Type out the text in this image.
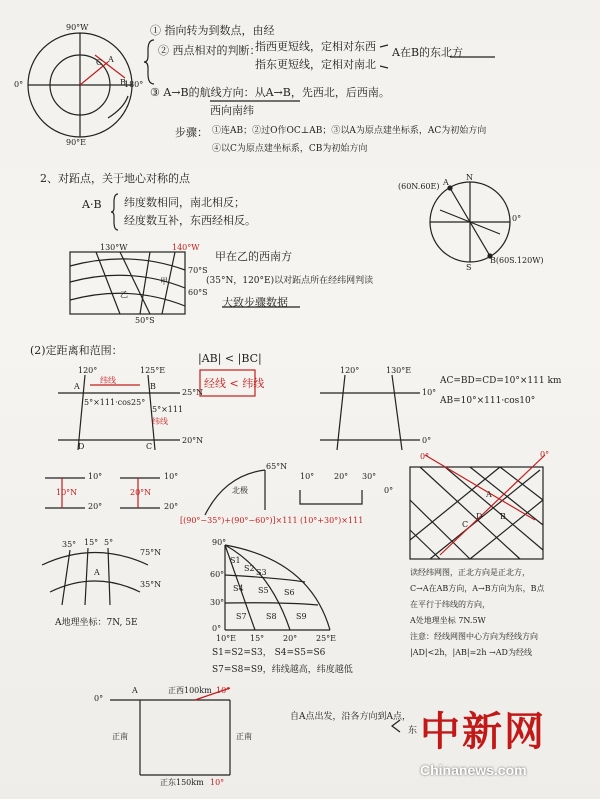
① 指向转为到数点，由经
② 西点相对的判断：
指西更短线，定相对东西
指东更短线，定相对南北
A在B的东北方
③ A→B的航线方向：从A→B，先西北，后西南。
西向南纬
步骤： ①连AB；②过O作OC⊥AB；③以A为原点建坐标系，AC为初始方向
④以C为原点建坐标系，CB为初始方向
2、对跖点，关于地心对称的点
A·B 纬度数相同，南北相反；
经度数互补，东西经相反。
甲在乙的西南方
(35°N，120°E)以对跖点所在经纬网判读
大致步骤数据
(2)定距离和范围：
|AB| < |BC|
经线 < 纬线	AC=BD=CD=10°×111 km
AB=10°×111·cos10°
[(90°−35°)+(90°−60°)]×111 (10°+30°)×111
S1=S2=S3， S4=S5=S6
S7=S8=S9，纬线越高，纬度越低
A地理坐标：7N, 5E
读经纬网图，正北方向是正北方，
C→A在AB方向，A→B方向为东，B点
在平行于纬线的方向，
A处地理坐标 7N.5W
注意：经线网图中心方向为经线方向
|AD|<2h，|AB|=2h →AD为经线
自A点出发，沿各方向到A点，
东
90°W
0°	180°
90°E
A
B
C
(60N.60E) A
N
S
0°
B(60S.120W)
130°W	140°W
70°S
60°S
50°S
甲
乙
120°	125°E
25°N
20°N
A	B
C
D
纬线
5°×111·cos25°
5°×111
纬线
120°	130°E
10°
0°
10°
20°
10°
20°
10°N	20°N
65°N
北极
10° 20° 30°
0°
35° 15° 5°
75°N
A
35°N
90°
60°
30°
0°
10°E 15° 20° 25°E
S1
S2 S3
S4 S5 S6
S7 S8 S9
0°	0°
A
B
C
D
0°
A	正西100km 10°
正南	正南
正东150km 10°
中新网
Chinanews.com
